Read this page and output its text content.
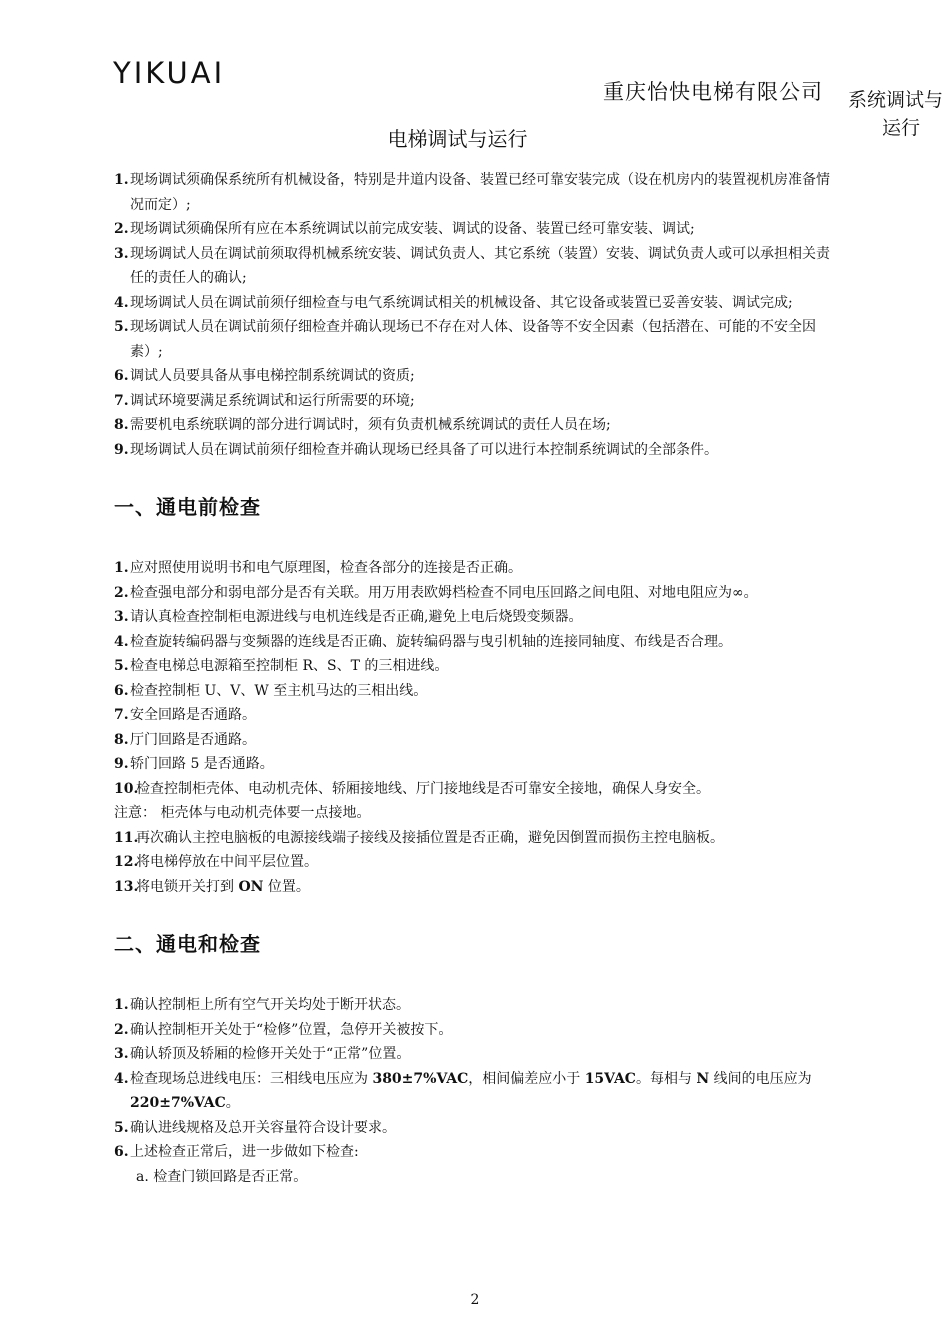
YIKUAI
重庆怡快电梯有限公司 系统调试与
运行
电梯调试与运行
1. 现场调试须确保系统所有机械设备，特别是井道内设备、装置已经可靠安装完成（设在机房内的装置视机房准备情况而定）;
2. 现场调试须确保所有应在本系统调试以前完成安装、调试的设备、装置已经可靠安装、调试;
3. 现场调试人员在调试前须取得机械系统安装、调试负责人、其它系统（装置）安装、调试负责人或可以承担相关责任的责任人的确认;
4. 现场调试人员在调试前须仔细检查与电气系统调试相关的机械设备、其它设备或装置已妥善安装、调试完成;
5. 现场调试人员在调试前须仔细检查并确认现场已不存在对人体、设备等不安全因素（包括潜在、可能的不安全因素）;
6. 调试人员要具备从事电梯控制系统调试的资质;
7. 调试环境要满足系统调试和运行所需要的环境;
8. 需要机电系统联调的部分进行调试时，须有负责机械系统调试的责任人员在场;
9. 现场调试人员在调试前须仔细检查并确认现场已经具备了可以进行本控制系统调试的全部条件。
一、通电前检查
1. 应对照使用说明书和电气原理图，检查各部分的连接是否正确。
2. 检查强电部分和弱电部分是否有关联。用万用表欧姆档检查不同电压回路之间电阻、对地电阻应为∞。
3. 请认真检查控制柜电源进线与电机连线是否正确,避免上电后烧毁变频器。
4. 检查旋转编码器与变频器的连线是否正确、旋转编码器与曳引机轴的连接同轴度、布线是否合理。
5. 检查电梯总电源箱至控制柜 R、S、T 的三相进线。
6. 检查控制柜 U、V、W 至主机马达的三相出线。
7. 安全回路是否通路。
8. 厅门回路是否通路。
9. 轿门回路 5 是否通路。
10.
检查控制柜壳体、电动机壳体、轿厢接地线、厅门接地线是否可靠安全接地，确保人身安全。
注意： 柜壳体与电动机壳体要一点接地。
11.
再次确认主控电脑板的电源接线端子接线及接插位置是否正确，避免因倒置而损伤主控电脑板。
12.
将电梯停放在中间平层位置。
13.
将电锁开关打到 ON 位置。
二、通电和检查
1. 确认控制柜上所有空气开关均处于断开状态。
2. 确认控制柜开关处于“检修”位置，急停开关被按下。
3. 确认轿顶及轿厢的检修开关处于“正常”位置。
4. 检查现场总进线电压：三相线电压应为 380±7%VAC，相间偏差应小于 15VAC。每相与 N 线间的电压应为 220±7%VAC。
5. 确认进线规格及总开关容量符合设计要求。
6. 上述检查正常后，进一步做如下检查:
a. 检查门锁回路是否正常。
2
